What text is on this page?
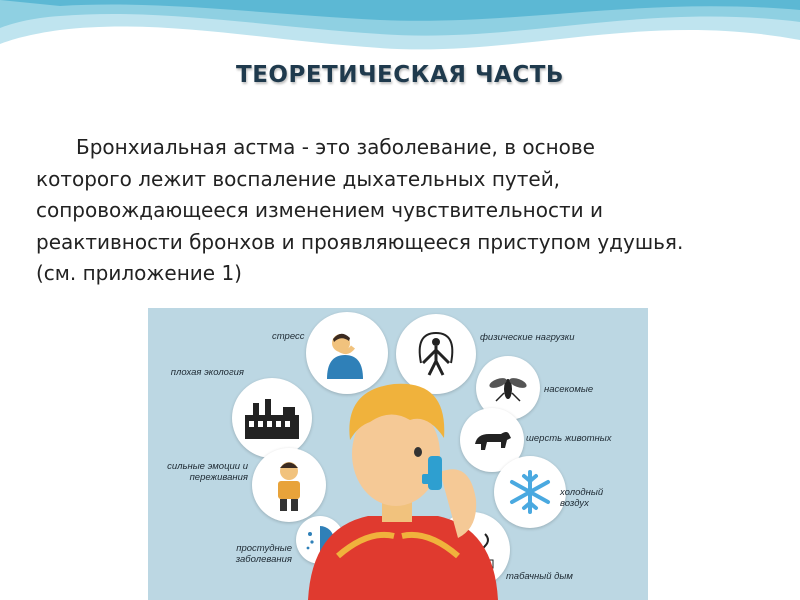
ТЕОРЕТИЧЕСКАЯ ЧАСТЬ

Бронхиальная астма - это заболевание, в основе которого лежит воспаление дыхательных путей, сопровождающееся изменением чувствительности и реактивности бронхов и проявляющееся приступом удушья. (см. приложение 1)

физические нагрузки
плохая экология
насекомые
шерсть животных
сильные эмоции и переживания
холодный воздух
простудные заболевания
табачный дым
стресс
